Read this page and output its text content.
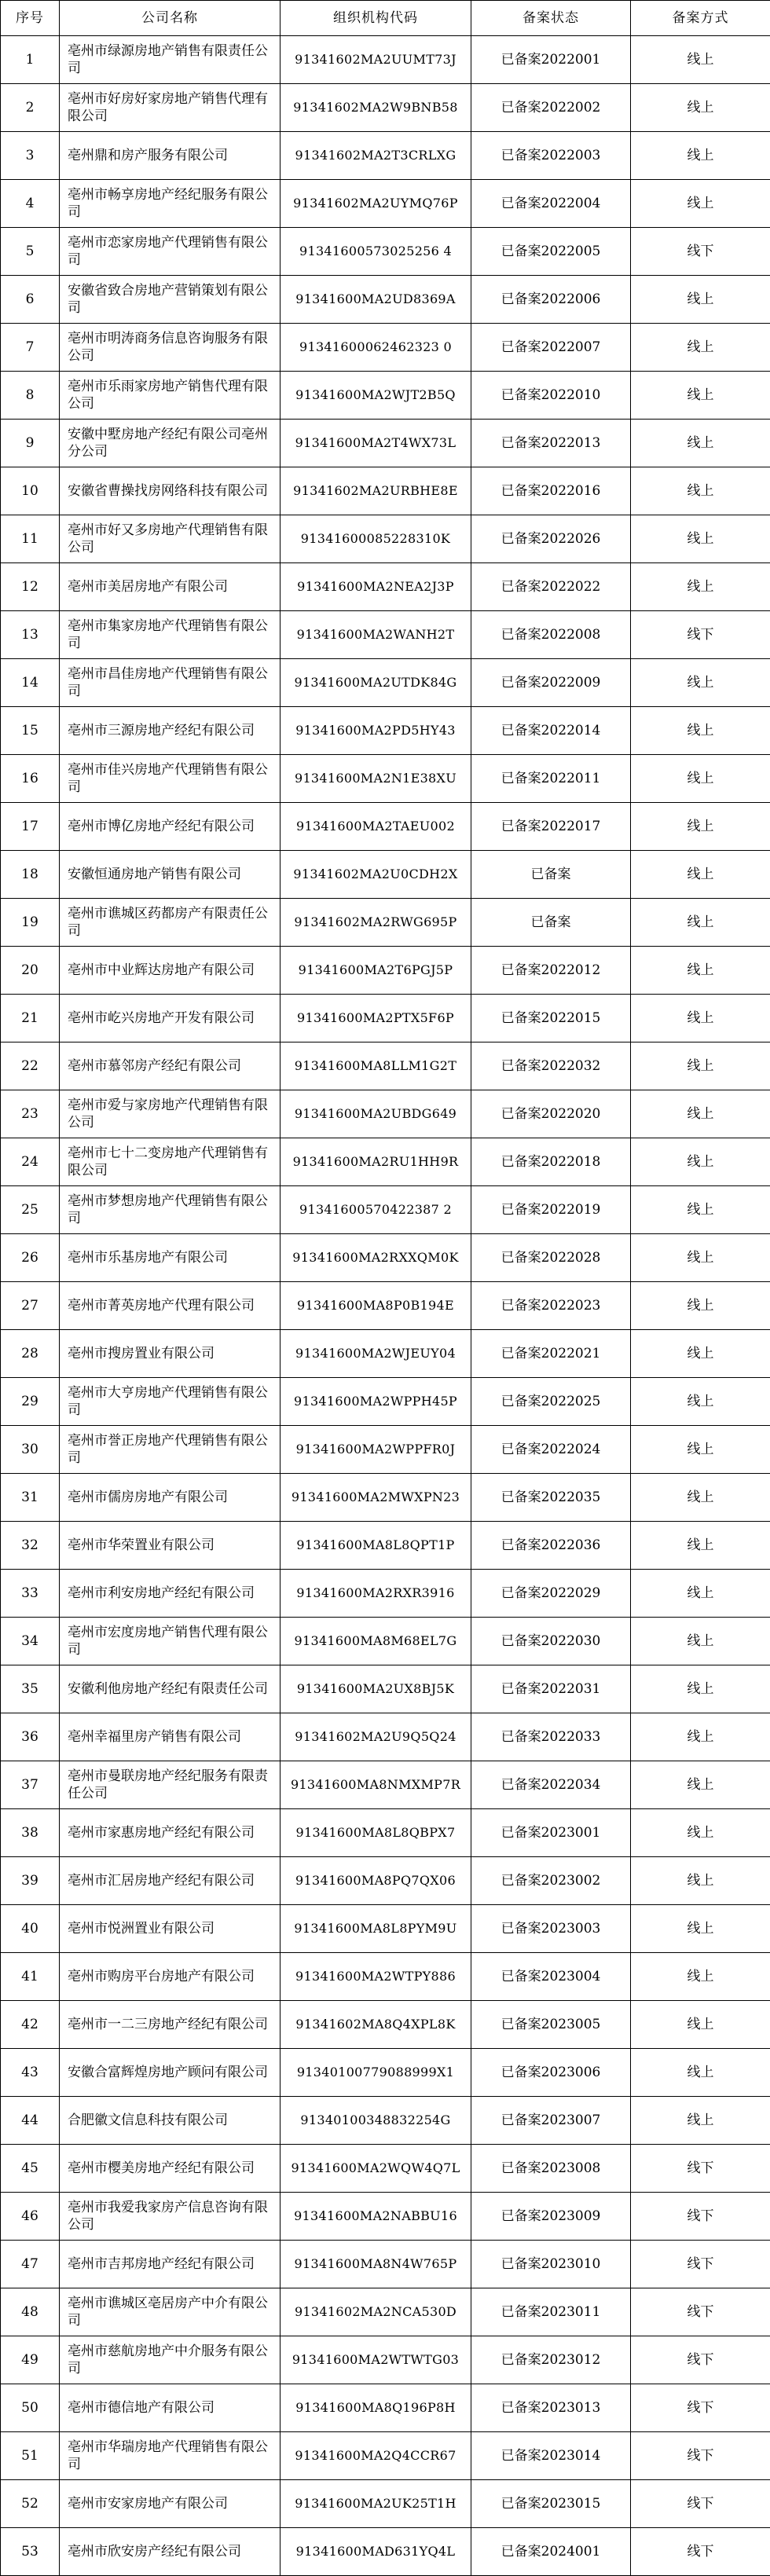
序号	公司名称	组织机构代码	备案状态	备案方式
1	亳州市绿源房地产销售有限责任公司	91341602MA2UUMT73J	已备案2022001	线上
2	亳州市好房好家房地产销售代理有限公司	91341602MA2W9BNB58	已备案2022002	线上
3	亳州鼎和房产服务有限公司	91341602MA2T3CRLXG	已备案2022003	线上
4	亳州市畅享房地产经纪服务有限公司	91341602MA2UYMQ76P	已备案2022004	线上
5	亳州市恋家房地产代理销售有限公司	91341600573025256 4	已备案2022005	线下
6	安徽省致合房地产营销策划有限公司	91341600MA2UD8369A	已备案2022006	线上
7	亳州市明涛商务信息咨询服务有限公司	91341600062462323 0	已备案2022007	线上
8	亳州市乐雨家房地产销售代理有限公司	91341600MA2WJT2B5Q	已备案2022010	线上
9	安徽中墅房地产经纪有限公司亳州分公司	91341600MA2T4WX73L	已备案2022013	线上
10	安徽省曹操找房网络科技有限公司	91341602MA2URBHE8E	已备案2022016	线上
11	亳州市好又多房地产代理销售有限公司	91341600085228310K	已备案2022026	线上
12	亳州市美居房地产有限公司	91341600MA2NEA2J3P	已备案2022022	线上
13	亳州市集家房地产代理销售有限公司	91341600MA2WANH2T	已备案2022008	线下
14	亳州市昌佳房地产代理销售有限公司	91341600MA2UTDK84G	已备案2022009	线上
15	亳州市三源房地产经纪有限公司	91341600MA2PD5HY43	已备案2022014	线上
16	亳州市佳兴房地产代理销售有限公司	91341600MA2N1E38XU	已备案2022011	线上
17	亳州市博亿房地产经纪有限公司	91341600MA2TAEU002	已备案2022017	线上
18	安徽恒通房地产销售有限公司	91341602MA2U0CDH2X	已备案	线上
19	亳州市谯城区药都房产有限责任公司	91341602MA2RWG695P	已备案	线上
20	亳州市中业辉达房地产有限公司	91341600MA2T6PGJ5P	已备案2022012	线上
21	亳州市屹兴房地产开发有限公司	91341600MA2PTX5F6P	已备案2022015	线上
22	亳州市慕邻房产经纪有限公司	91341600MA8LLM1G2T	已备案2022032	线上
23	亳州市爱与家房地产代理销售有限公司	91341600MA2UBDG649	已备案2022020	线上
24	亳州市七十二变房地产代理销售有限公司	91341600MA2RU1HH9R	已备案2022018	线上
25	亳州市梦想房地产代理销售有限公司	91341600570422387 2	已备案2022019	线上
26	亳州市乐基房地产有限公司	91341600MA2RXXQM0K	已备案2022028	线上
27	亳州市菁英房地产代理有限公司	91341600MA8P0B194E	已备案2022023	线上
28	亳州市搜房置业有限公司	91341600MA2WJEUY04	已备案2022021	线上
29	亳州市大亨房地产代理销售有限公司	91341600MA2WPPH45P	已备案2022025	线上
30	亳州市誉正房地产代理销售有限公司	91341600MA2WPPFR0J	已备案2022024	线上
31	亳州市儒房房地产有限公司	91341600MA2MWXPN23	已备案2022035	线上
32	亳州市华荣置业有限公司	91341600MA8L8QPT1P	已备案2022036	线上
33	亳州市利安房地产经纪有限公司	91341600MA2RXR3916	已备案2022029	线上
34	亳州市宏度房地产销售代理有限公司	91341600MA8M68EL7G	已备案2022030	线上
35	安徽利他房地产经纪有限责任公司	91341600MA2UX8BJ5K	已备案2022031	线上
36	亳州幸福里房产销售有限公司	91341602MA2U9Q5Q24	已备案2022033	线上
37	亳州市曼联房地产经纪服务有限责任公司	91341600MA8NMXMP7R	已备案2022034	线上
38	亳州市家惠房地产经纪有限公司	91341600MA8L8QBPX7	已备案2023001	线上
39	亳州市汇居房地产经纪有限公司	91341600MA8PQ7QX06	已备案2023002	线上
40	亳州市悦洲置业有限公司	91341600MA8L8PYM9U	已备案2023003	线上
41	亳州市购房平台房地产有限公司	91341600MA2WTPY886	已备案2023004	线上
42	亳州市一二三房地产经纪有限公司	91341602MA8Q4XPL8K	已备案2023005	线上
43	安徽合富辉煌房地产顾问有限公司	91340100779088999X1	已备案2023006	线上
44	合肥徽文信息科技有限公司	91340100348832254G	已备案2023007	线上
45	亳州市樱美房地产经纪有限公司	91341600MA2WQW4Q7L	已备案2023008	线下
46	亳州市我爱我家房产信息咨询有限公司	91341600MA2NABBU16	已备案2023009	线下
47	亳州市吉邦房地产经纪有限公司	91341600MA8N4W765P	已备案2023010	线下
48	亳州市谯城区亳居房产中介有限公司	91341602MA2NCA530D	已备案2023011	线下
49	亳州市慈航房地产中介服务有限公司	91341600MA2WTWTG03	已备案2023012	线下
50	亳州市德信地产有限公司	91341600MA8Q196P8H	已备案2023013	线下
51	亳州市华瑞房地产代理销售有限公司	91341600MA2Q4CCR67	已备案2023014	线下
52	亳州市安家房地产有限公司	91341600MA2UK25T1H	已备案2023015	线下
53	亳州市欣安房产经纪有限公司	91341600MAD631YQ4L	已备案2024001	线下
